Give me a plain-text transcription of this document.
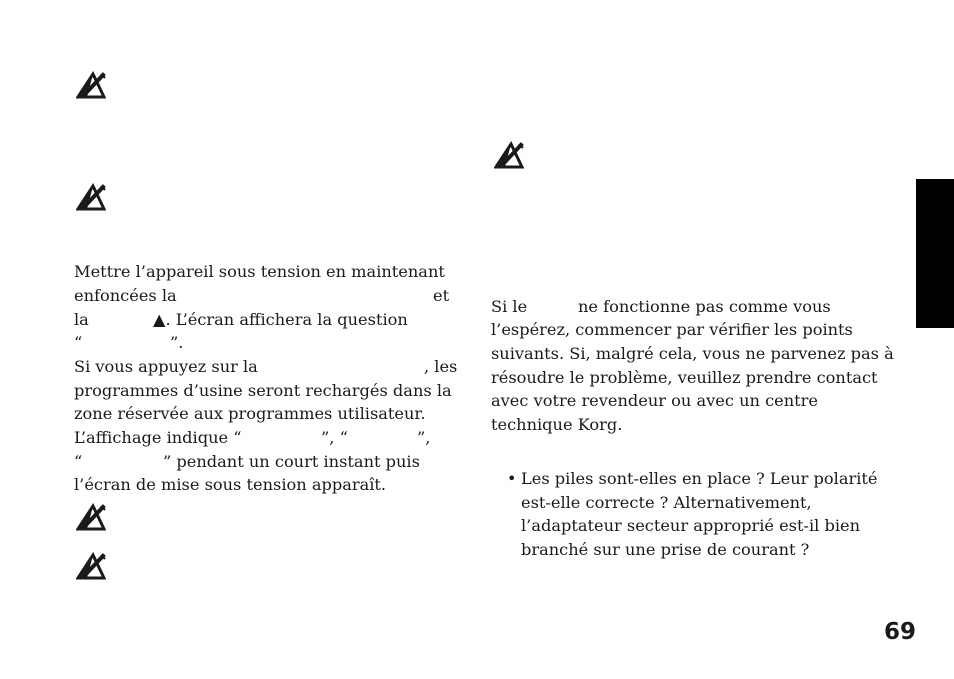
Mettre l’appareil sous tension en maintenant
enfoncées la	et
la	▲. L’écran affichera la question
“	”.
Si vous appuyez sur la	, les
programmes d’usine seront rechargés dans la
zone réservée aux programmes utilisateur.
L’affichage indique “	”, “	”,
“	” pendant un court instant puis
l’écran de mise sous tension apparaît.
Si le	ne fonctionne pas comme vous
l’espérez, commencer par vérifier les points
suivants. Si, malgré cela, vous ne parvenez pas à
résoudre le problème, veuillez prendre contact
avec votre revendeur ou avec un centre
technique Korg.
• Les piles sont-elles en place ? Leur polarité
est-elle correcte ? Alternativement,
l’adaptateur secteur approprié est-il bien
branché sur une prise de courant ?
69
